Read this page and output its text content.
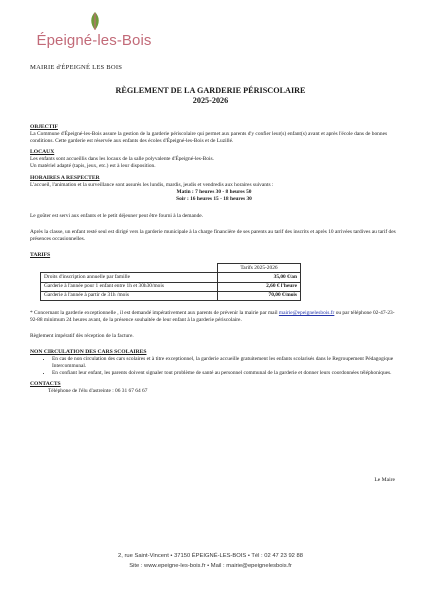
Épeigné-les-Bois
MAIRIE d'ÉPEIGNÉ LES BOIS
RÈGLEMENT DE LA GARDERIE PÉRISCOLAIRE
2025-2026
OBJECTIF

La Commune d'Épeigné-les-Bois assure la gestion de la garderie périscolaire qui permet aux parents d'y confier leur(s) enfant(s) avant et après l'école dans de bonnes conditions. Cette garderie est réservée aux enfants des écoles d'Épeigné-les-Bois et de Luzillé.

LOCAUX

Les enfants sont accueillis dans les locaux de la salle polyvalente d'Épeigné-les-Bois.

Un matériel adapté (tapis, jeux, etc.) est à leur disposition.

HORAIRES A RESPECTER

L'accueil, l'animation et la surveillance sont assurés les lundis, mardis, jeudis et vendredis aux horaires suivants :

Matin : 7 heures 30 - 8 heures 50
Soir : 16 heures 15 - 18 heures 30

Le goûter est servi aux enfants et le petit déjeuner peut être fourni à la demande.

Après la classe, un enfant resté seul est dirigé vers la garderie municipale à la charge financière de ses parents au tarif des inscrits et après 10 arrivées tardives au tarif des présences occasionnelles.

TARIFS
	Tarifs 2025-2026
Droits d'inscription annuelle par famille	35,00 €/an
Garderie à l'année pour 1 enfant entre 1h et 30h30/mois	2,60 € l'heure
Garderie à l'année à partir de 31h /mois	70,00 €/mois

* Concernant la garderie exceptionnelle , il est demandé impérativement aux parents de prévenir la mairie par mail mairie@epeignelesbois.fr ou par téléphone 02-47-23-92-88 minimum 24 heures avant, de la présence souhaitée de leur enfant à la garderie périscolaire.

Règlement impératif dès réception de la facture.

NON CIRCULATION DES CARS SCOLAIRES
• En cas de non circulation des cars scolaires et à titre exceptionnel, la garderie accueille gratuitement les enfants scolarisés dans le Regroupement Pédagogique Intercommunal.
• En confiant leur enfant, les parents doivent signaler tout problème de santé au personnel communal de la garderie et donner leurs coordonnées téléphoniques.
CONTACTS

Téléphone de l'élu d'astreinte : 06 31 67 64 67

Le Maire
2, rue Saint-Vincent • 37150 ÉPEIGNÉ-LES-BOIS • Tél : 02 47 23 92 88
Site : www.epeigne-les-bois.fr • Mail : mairie@epeignelesbois.fr
